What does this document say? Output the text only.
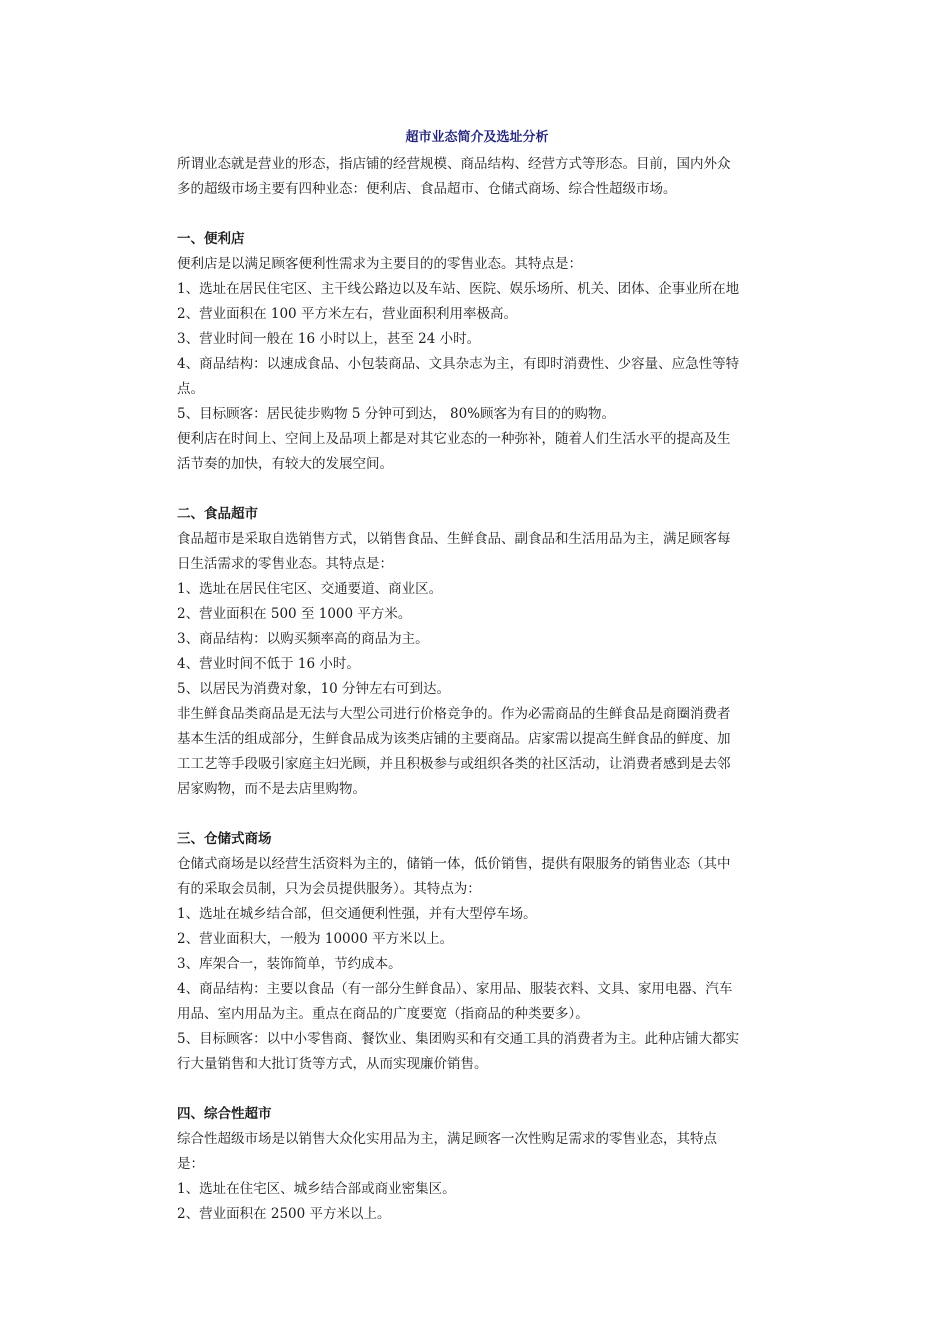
超市业态简介及选址分析
所谓业态就是营业的形态，指店铺的经营规模、商品结构、经营方式等形态。目前，国内外众
多的超级市场主要有四种业态：便利店、食品超市、仓储式商场、综合性超级市场。
一、便利店
便利店是以满足顾客便利性需求为主要目的的零售业态。其特点是：
1、选址在居民住宅区、主干线公路边以及车站、医院、娱乐场所、机关、团体、企事业所在地
2、营业面积在 100 平方米左右，营业面积利用率极高。
3、营业时间一般在 16 小时以上，甚至 24 小时。
4、商品结构：以速成食品、小包装商品、文具杂志为主，有即时消费性、少容量、应急性等特
点。
5、目标顾客：居民徒步购物 5 分钟可到达， 80%顾客为有目的的购物。
便利店在时间上、空间上及品项上都是对其它业态的一种弥补，随着人们生活水平的提高及生
活节奏的加快，有较大的发展空间。
二、食品超市
食品超市是采取自选销售方式，以销售食品、生鲜食品、副食品和生活用品为主，满足顾客每
日生活需求的零售业态。其特点是：
1、选址在居民住宅区、交通要道、商业区。
2、营业面积在 500 至 1000 平方米。
3、商品结构：以购买频率高的商品为主。
4、营业时间不低于 16 小时。
5、以居民为消费对象，10 分钟左右可到达。
非生鲜食品类商品是无法与大型公司进行价格竞争的。作为必需商品的生鲜食品是商圈消费者
基本生活的组成部分，生鲜食品成为该类店铺的主要商品。店家需以提高生鲜食品的鲜度、加
工工艺等手段吸引家庭主妇光顾，并且积极参与或组织各类的社区活动，让消费者感到是去邻
居家购物，而不是去店里购物。
三、仓储式商场
仓储式商场是以经营生活资料为主的，储销一体，低价销售，提供有限服务的销售业态（其中
有的采取会员制，只为会员提供服务）。其特点为：
1、选址在城乡结合部，但交通便利性强，并有大型停车场。
2、营业面积大，一般为 10000 平方米以上。
3、库架合一，装饰简单，节约成本。
4、商品结构：主要以食品（有一部分生鲜食品）、家用品、服装衣料、文具、家用电器、汽车
用品、室内用品为主。重点在商品的广度要宽（指商品的种类要多）。
5、目标顾客：以中小零售商、餐饮业、集团购买和有交通工具的消费者为主。此种店铺大都实
行大量销售和大批订货等方式，从而实现廉价销售。
四、综合性超市
综合性超级市场是以销售大众化实用品为主，满足顾客一次性购足需求的零售业态，其特点
是：
1、选址在住宅区、城乡结合部或商业密集区。
2、营业面积在 2500 平方米以上。
